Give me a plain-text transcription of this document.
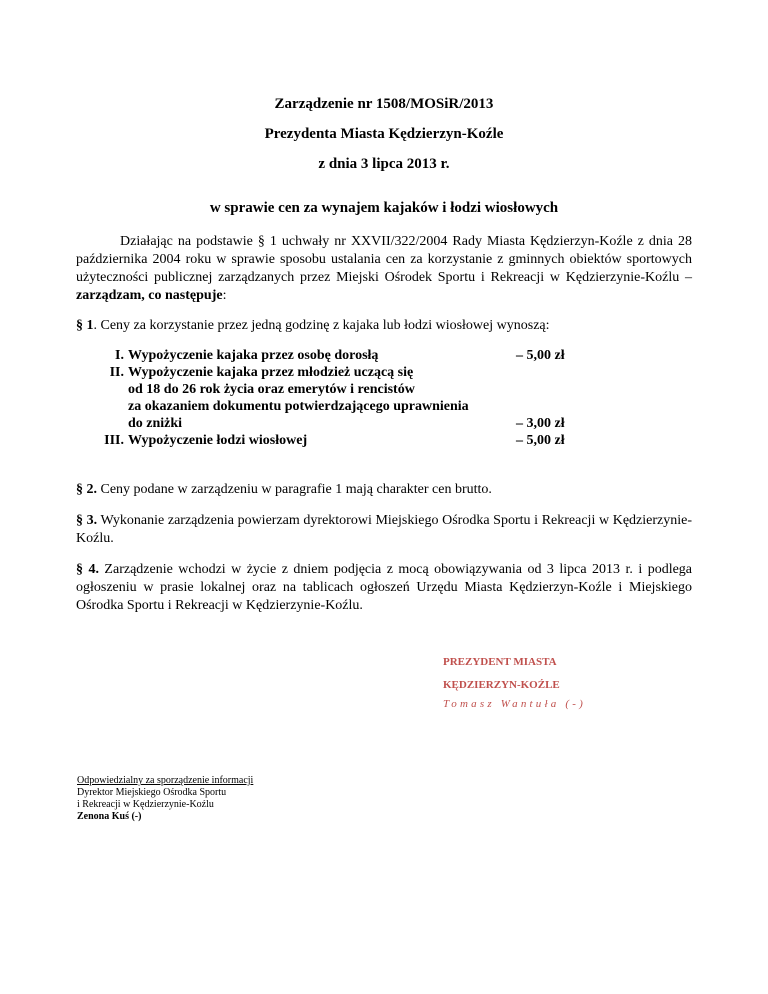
Zarządzenie nr 1508/MOSiR/2013
Prezydenta Miasta Kędzierzyn-Koźle
z dnia 3 lipca 2013 r.
w sprawie cen za wynajem kajaków i łodzi wiosłowych
Działając na podstawie § 1 uchwały nr XXVII/322/2004 Rady Miasta Kędzierzyn-Koźle z dnia 28 października 2004 roku w sprawie sposobu ustalania cen za korzystanie z gminnych obiektów sportowych użyteczności publicznej zarządzanych przez Miejski Ośrodek Sportu i Rekreacji w Kędzierzynie-Koźlu – zarządzam, co następuje:
§ 1. Ceny za korzystanie przez jedną godzinę z kajaka lub łodzi wiosłowej wynoszą:
I. Wypożyczenie kajaka przez osobę dorosłą	– 5,00 zł
II. Wypożyczenie kajaka przez młodzież uczącą się
od 18 do 26 rok życia oraz emerytów i rencistów
za okazaniem dokumentu potwierdzającego uprawnienia
do zniżki	– 3,00 zł
III. Wypożyczenie łodzi wiosłowej	– 5,00 zł
§ 2. Ceny podane w zarządzeniu w paragrafie 1 mają charakter cen brutto.
§ 3. Wykonanie zarządzenia powierzam dyrektorowi Miejskiego Ośrodka Sportu i Rekreacji w Kędzierzynie-Koźlu.
§ 4. Zarządzenie wchodzi w życie z dniem podjęcia z mocą obowiązywania od 3 lipca 2013 r. i podlega ogłoszeniu w prasie lokalnej oraz na tablicach ogłoszeń Urzędu Miasta Kędzierzyn-Koźle i Miejskiego Ośrodka Sportu i Rekreacji w Kędzierzynie-Koźlu.
PREZYDENT MIASTA
KĘDZIERZYN-KOŹLE
Tomasz Wantuła (-)
Odpowiedzialny za sporządzenie informacji
Dyrektor Miejskiego Ośrodka Sportu
i Rekreacji w Kędzierzynie-Koźlu
Zenona Kuś (-)
